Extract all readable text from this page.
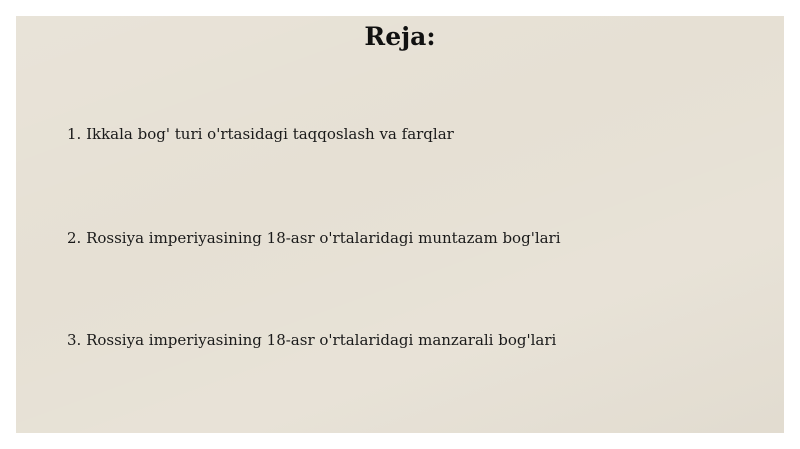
Reja:
1. Ikkala bog' turi o'rtasidagi taqqoslash va farqlar
2. Rossiya imperiyasining 18-asr o'rtalaridagi muntazam bog'lari
3. Rossiya imperiyasining 18-asr o'rtalaridagi manzarali bog'lari
